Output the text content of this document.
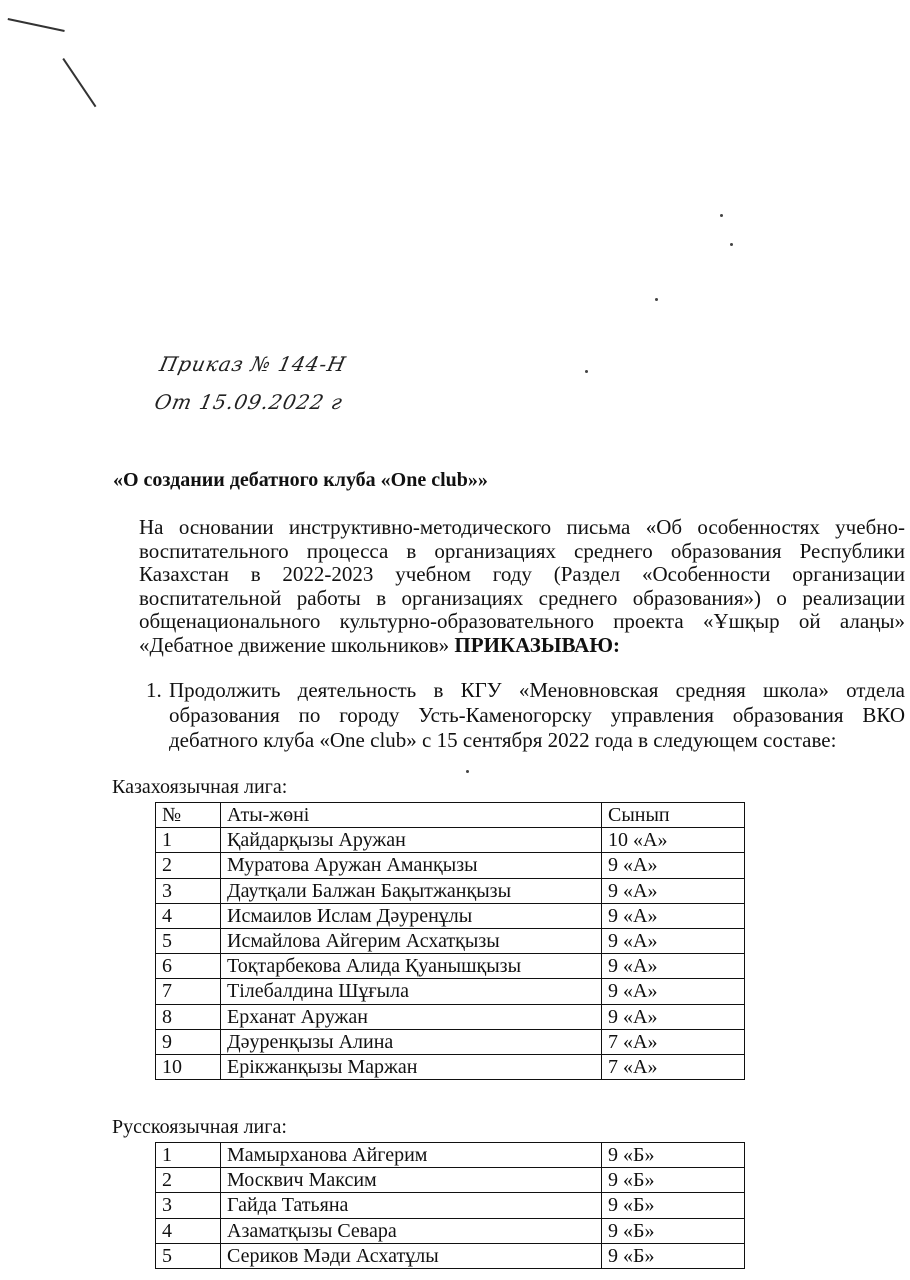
Приказ № 144-Н
От 15.09.2022 г
«О создании дебатного клуба «One club»»
На основании инструктивно-методического письма «Об особенностях учебно-воспитательного процесса в организациях среднего образования Республики Казахстан в 2022-2023 учебном году (Раздел «Особенности организации воспитательной работы в организациях среднего образования») о реализации общенационального культурно-образовательного проекта «Ұшқыр ой алаңы» «Дебатное движение школьников» ПРИКАЗЫВАЮ:
1. Продолжить деятельность в КГУ «Меновновская средняя школа» отдела образования по городу Усть-Каменогорску управления образования ВКО дебатного клуба «One club» с 15 сентября 2022 года в следующем составе:
Казахоязычная лига:
№	Аты-жөні	Сынып
1	Қайдарқызы Аружан	10 «А»
2	Муратова Аружан Аманқызы	9 «А»
3	Даутқали Балжан Бақытжанқызы	9 «А»
4	Исмаилов Ислам Дәуренұлы	9 «А»
5	Исмайлова Айгерим Асхатқызы	9 «А»
6	Тоқтарбекова Алида Қуанышқызы	9 «А»
7	Тілебалдина Шұғыла	9 «А»
8	Ерханат Аружан	9 «А»
9	Дәуренқызы Алина	7 «А»
10	Ерікжанқызы Маржан	7 «А»
Русскоязычная лига:
1	Мамырханова Айгерим	9 «Б»
2	Москвич Максим	9 «Б»
3	Гайда Татьяна	9 «Б»
4	Азаматқызы Севара	9 «Б»
5	Сериков Мәди Асхатұлы	9 «Б»
